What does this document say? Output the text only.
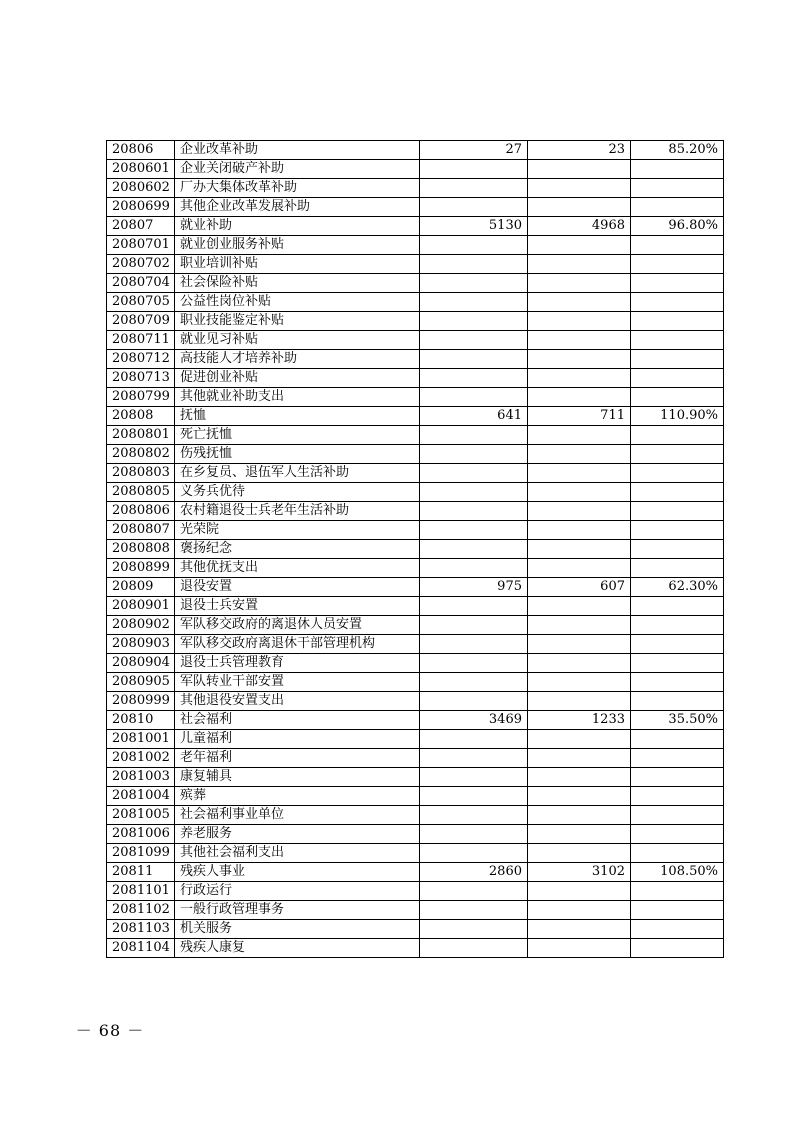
20806	企业改革补助	27	23	85.20%
2080601	企业关闭破产补助			
2080602	厂办大集体改革补助			
2080699	其他企业改革发展补助			
20807	就业补助	5130	4968	96.80%
2080701	就业创业服务补贴			
2080702	职业培训补贴			
2080704	社会保险补贴			
2080705	公益性岗位补贴			
2080709	职业技能鉴定补贴			
2080711	就业见习补贴			
2080712	高技能人才培养补助			
2080713	促进创业补贴			
2080799	其他就业补助支出			
20808	抚恤	641	711	110.90%
2080801	死亡抚恤			
2080802	伤残抚恤			
2080803	在乡复员、退伍军人生活补助			
2080805	义务兵优待			
2080806	农村籍退役士兵老年生活补助			
2080807	光荣院			
2080808	褒扬纪念			
2080899	其他优抚支出			
20809	退役安置	975	607	62.30%
2080901	退役士兵安置			
2080902	军队移交政府的离退休人员安置			
2080903	军队移交政府离退休干部管理机构			
2080904	退役士兵管理教育			
2080905	军队转业干部安置			
2080999	其他退役安置支出			
20810	社会福利	3469	1233	35.50%
2081001	儿童福利			
2081002	老年福利			
2081003	康复辅具			
2081004	殡葬			
2081005	社会福利事业单位			
2081006	养老服务			
2081099	其他社会福利支出			
20811	残疾人事业	2860	3102	108.50%
2081101	行政运行			
2081102	一般行政管理事务			
2081103	机关服务			
2081104	残疾人康复			
－ 68 －
